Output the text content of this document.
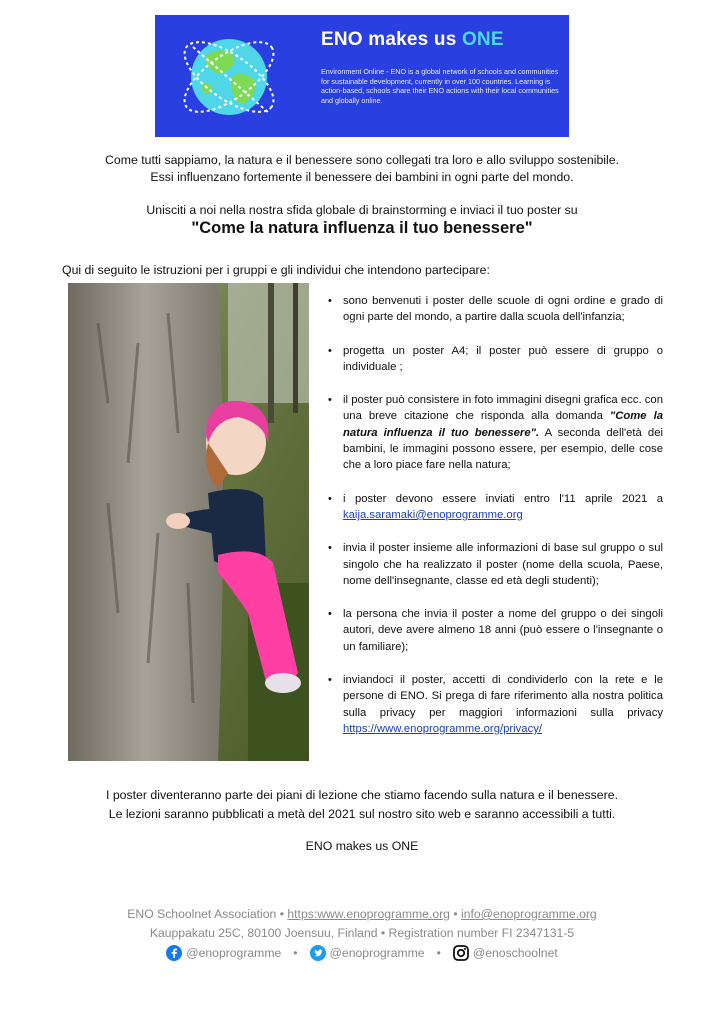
ENO makes us ONE
Environment Online - ENO is a global network of schools and communities for sustainable development, currently in over 100 countries. Learning is action-based, schools share their ENO actions with their local communities and globally online.
Come tutti sappiamo, la natura e il benessere sono collegati tra loro e allo sviluppo sostenibile.
Essi influenzano fortemente il benessere dei bambini in ogni parte del mondo.
Unisciti a noi nella nostra sfida globale di brainstorming e inviaci il tuo poster su
"Come la natura influenza il tuo benessere"
Qui di seguito le istruzioni per i gruppi e gli individui che intendono partecipare:
• sono benvenuti i poster delle scuole di ogni ordine e grado di ogni parte del mondo, a partire dalla scuola dell'infanzia;
• progetta un poster A4; il poster può essere di gruppo o individuale ;
• il poster può consistere in foto immagini disegni grafica ecc. con una breve citazione che risponda alla domanda "Come la natura influenza il tuo benessere". A seconda dell'età dei bambini, le immagini possono essere, per esempio, delle cose che a loro piace fare nella natura;
• i poster devono essere inviati entro l'11 aprile 2021 a kaija.saramaki@enoprogramme.org
• invia il poster insieme alle informazioni di base sul gruppo o sul singolo che ha realizzato il poster (nome della scuola, Paese, nome dell'insegnante, classe ed età degli studenti);
• la persona che invia il poster a nome del gruppo o dei singoli autori, deve avere almeno 18 anni (può essere o l'insegnante o un familiare);
• inviandoci il poster, accetti di condividerlo con la rete e le persone di ENO. Si prega di fare riferimento alla nostra politica sulla privacy per maggiori informazioni sulla privacy https://www.enoprogramme.org/privacy/
I poster diventeranno parte dei piani di lezione che stiamo facendo sulla natura e il benessere.
Le lezioni saranno pubblicati a metà del 2021 sul nostro sito web e saranno accessibili a tutti.
ENO makes us ONE
ENO Schoolnet Association • https:www.enoprogramme.org • info@enoprogramme.org
Kauppakatu 25C, 80100 Joensuu, Finland • Registration number FI 2347131-5
@enoprogramme •	@enoprogramme •	@enoschoolnet
